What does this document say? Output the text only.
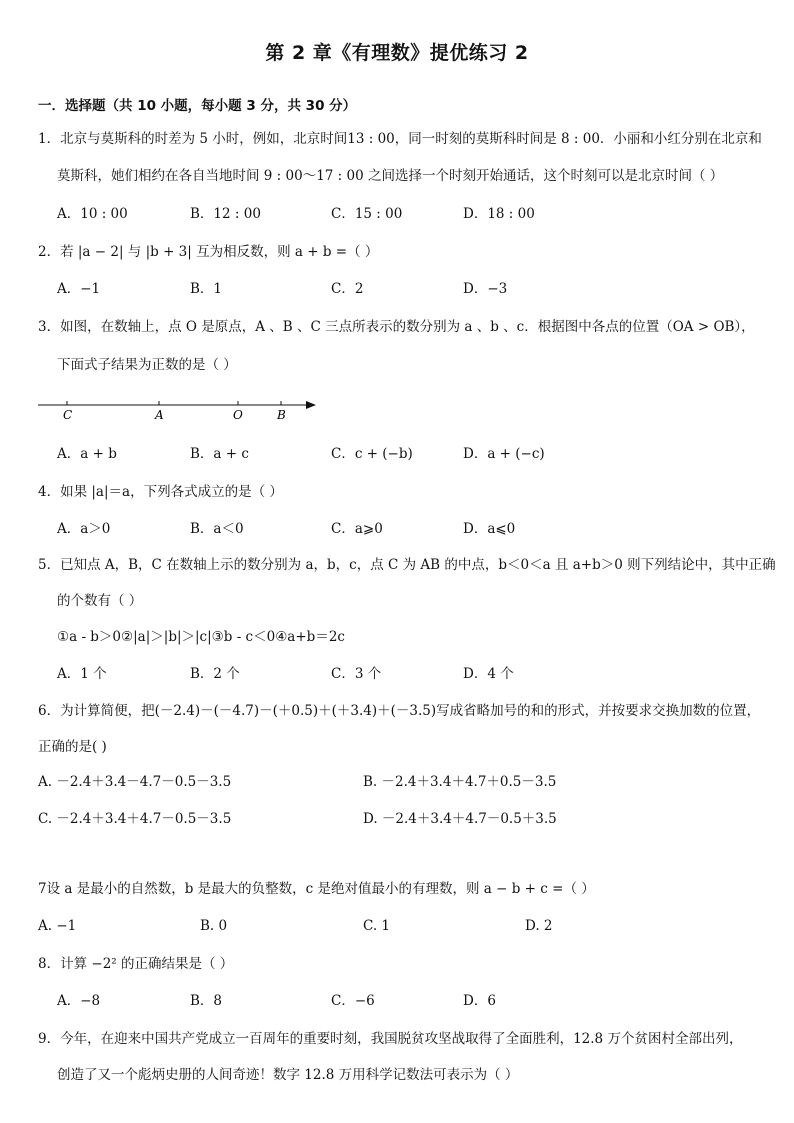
第 2 章《有理数》提优练习 2
一．选择题（共 10 小题，每小题 3 分，共 30 分）
1．北京与莫斯科的时差为 5 小时，例如，北京时间13 : 00，同一时刻的莫斯科时间是 8 : 00．小丽和小红分别在北京和
莫斯科，她们相约在各自当地时间 9 : 00～17 : 00 之间选择一个时刻开始通话，这个时刻可以是北京时间（ ）
A．10 : 00	B．12 : 00	C．15 : 00	D．18 : 00
2．若 |a − 2| 与 |b + 3| 互为相反数，则 a + b =（ ）
A．−1	B．1	C．2	D．−3
3．如图，在数轴上，点 O 是原点，A 、B 、C 三点所表示的数分别为 a 、b 、c．根据图中各点的位置（OA > OB），
下面式子结果为正数的是（ ）
C	A	O	B
A．a + b	B．a + c	C．c + (−b)	D．a + (−c)
4．如果 |a|＝a，下列各式成立的是（ ）
A．a＞0	B．a＜0	C．a⩾0	D．a⩽0
5．已知点 A，B，C 在数轴上示的数分别为 a，b，c，点 C 为 AB 的中点，b＜0＜a 且 a+b＞0 则下列结论中，其中正确
的个数有（ ）
①a - b＞0②|a|＞|b|＞|c|③b - c＜0④a+b＝2c
A．1 个	B．2 个	C．3 个	D．4 个
6．为计算简便，把(－2.4)－(－4.7)－(＋0.5)＋(＋3.4)＋(－3.5)写成省略加号的和的形式，并按要求交换加数的位置，
正确的是( )
A. －2.4＋3.4－4.7－0.5－3.5	B. －2.4＋3.4＋4.7＋0.5－3.5
C. －2.4＋3.4＋4.7－0.5－3.5	D. －2.4＋3.4＋4.7－0.5＋3.5
7设 a 是最小的自然数，b 是最大的负整数，c 是绝对值最小的有理数，则 a − b + c =（ ）
A. −1	B. 0	C. 1	D. 2
8．计算 −2² 的正确结果是（ ）
A．−8	B．8	C．−6	D．6
9．今年，在迎来中国共产党成立一百周年的重要时刻，我国脱贫攻坚战取得了全面胜利，12.8 万个贫困村全部出列，
创造了又一个彪炳史册的人间奇迹！数字 12.8 万用科学记数法可表示为（ ）
